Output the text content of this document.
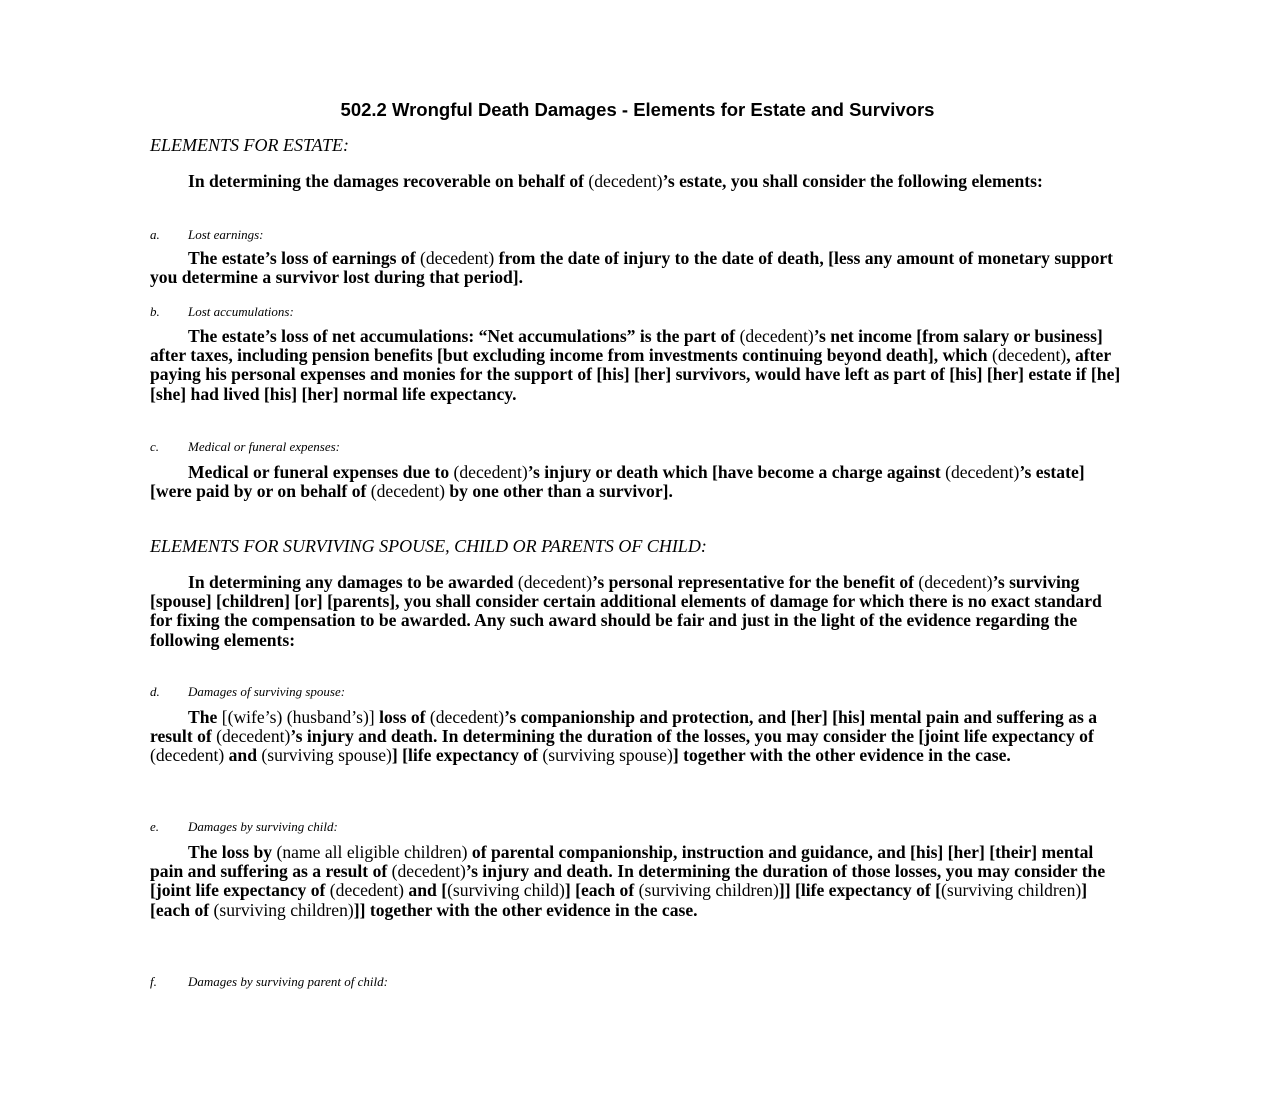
502.2 Wrongful Death Damages - Elements for Estate and Survivors
ELEMENTS FOR ESTATE:
In determining the damages recoverable on behalf of (decedent)’s estate, you shall consider the following elements:
a. Lost earnings:
The estate’s loss of earnings of (decedent) from the date of injury to the date of death, [less any amount of monetary support you determine a survivor lost during that period].
b. Lost accumulations:
The estate’s loss of net accumulations: “Net accumulations” is the part of (decedent)’s net income [from salary or business] after taxes, including pension benefits [but excluding income from investments continuing beyond death], which (decedent), after paying his personal expenses and monies for the support of [his] [her] survivors, would have left as part of [his] [her] estate if [he] [she] had lived [his] [her] normal life expectancy.
c. Medical or funeral expenses:
Medical or funeral expenses due to (decedent)’s injury or death which [have become a charge against (decedent)’s estate] [were paid by or on behalf of (decedent) by one other than a survivor].
ELEMENTS FOR SURVIVING SPOUSE, CHILD OR PARENTS OF CHILD:
In determining any damages to be awarded (decedent)’s personal representative for the benefit of (decedent)’s surviving [spouse] [children] [or] [parents], you shall consider certain additional elements of damage for which there is no exact standard for fixing the compensation to be awarded. Any such award should be fair and just in the light of the evidence regarding the following elements:
d. Damages of surviving spouse:
The [(wife’s) (husband’s)] loss of (decedent)’s companionship and protection, and [her] [his] mental pain and suffering as a result of (decedent)’s injury and death. In determining the duration of the losses, you may consider the [joint life expectancy of (decedent) and (surviving spouse)] [life expectancy of (surviving spouse)] together with the other evidence in the case.
e. Damages by surviving child:
The loss by (name all eligible children) of parental companionship, instruction and guidance, and [his] [her] [their] mental pain and suffering as a result of (decedent)’s injury and death. In determining the duration of those losses, you may consider the [joint life expectancy of (decedent) and [(surviving child)] [each of (surviving children)]] [life expectancy of [(surviving children)] [each of (surviving children)]] together with the other evidence in the case.
f. Damages by surviving parent of child:
